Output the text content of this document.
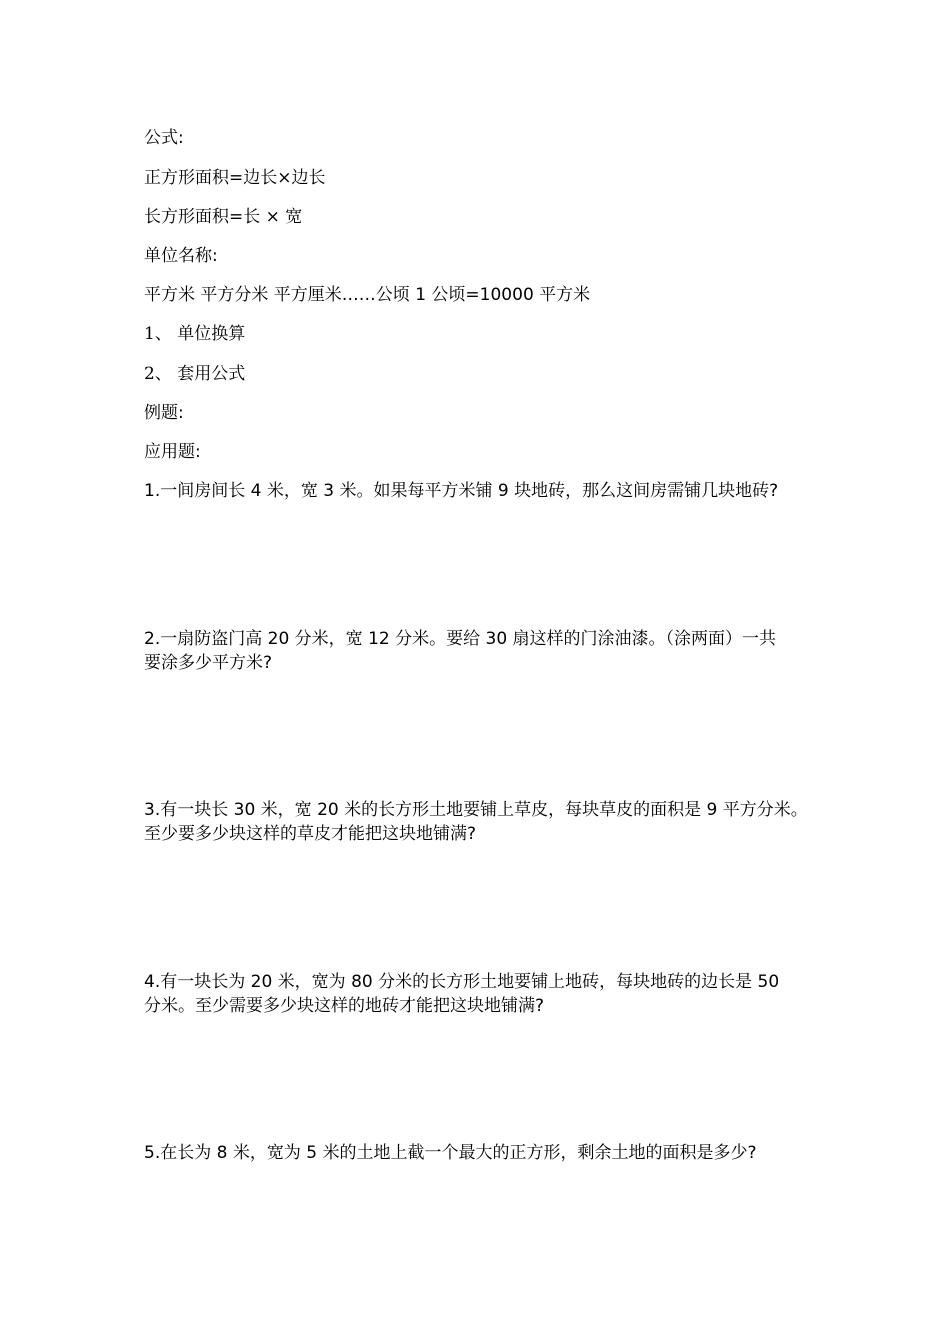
公式:
正方形面积=边长×边长
长方形面积=长 × 宽
单位名称:
平方米 平方分米 平方厘米……公顷 1 公顷=10000 平方米
1、 单位换算
2、 套用公式
例题:
应用题:
1.一间房间长 4 米，宽 3 米。如果每平方米铺 9 块地砖，那么这间房需铺几块地砖?
2.一扇防盗门高 20 分米，宽 12 分米。要给 30 扇这样的门涂油漆。（涂两面）一共
要涂多少平方米?
3.有一块长 30 米，宽 20 米的长方形土地要铺上草皮，每块草皮的面积是 9 平方分米。
至少要多少块这样的草皮才能把这块地铺满?
4.有一块长为 20 米，宽为 80 分米的长方形土地要铺上地砖，每块地砖的边长是 50
分米。至少需要多少块这样的地砖才能把这块地铺满?
5.在长为 8 米，宽为 5 米的土地上截一个最大的正方形，剩余土地的面积是多少?
